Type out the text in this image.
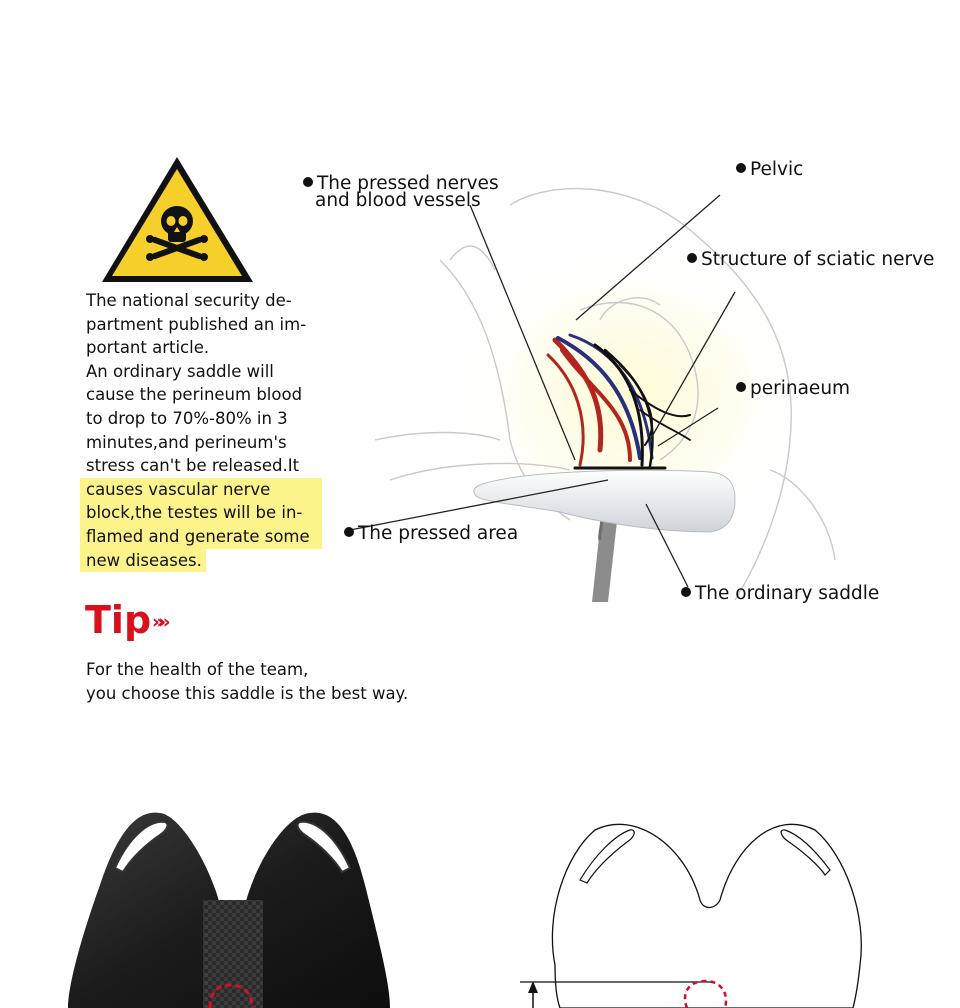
The national security de-
partment published an im-
portant article.
An ordinary saddle will
cause the perineum blood
to drop to 70%-80% in 3
minutes,and perineum's
stress can't be released.It
causes vascular nerve
block,the testes will be in-
flamed and generate some
new diseases.
The pressed nerves
and blood vessels
Pelvic
Structure of sciatic nerve
perinaeum
The pressed area
The ordinary saddle
Tip »»
For the health of the team,
you choose this saddle is the best way.
